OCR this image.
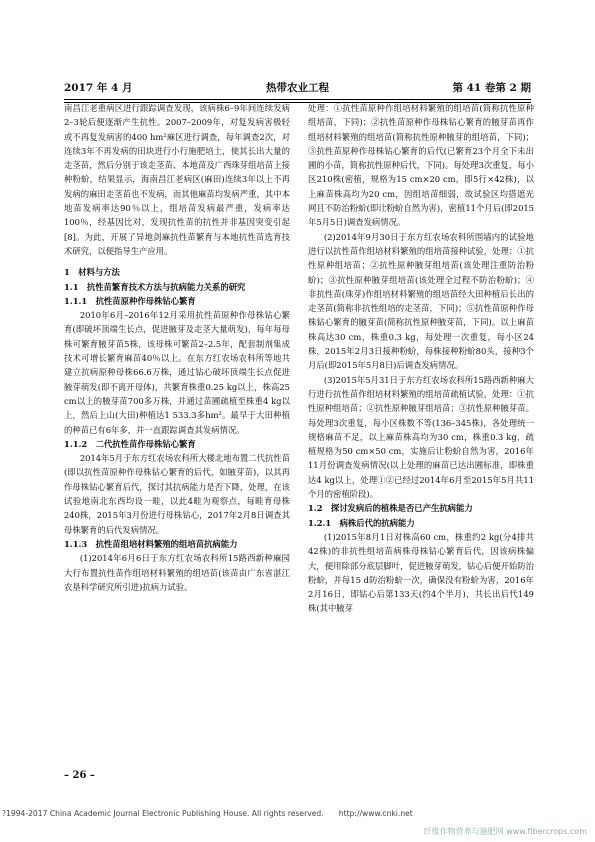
2017 年 4 月	热带农业工程	第 41 卷第 2 期

南昌江老重病区进行跟踪调查发现，该病株6–9年间连续发病2–3轮后便逐渐产生抗性。2007–2009年，对复发病害极轻或不再复发病害的400 hm²麻区进行调查，每年调查2次，对连续3年不再发病的田块进行小行施肥培土，使其长出大量的走茎苗，然后分别于该走茎苗、本地苗及广西珠芽组培苗上接种粉蚧，结果显示，海南昌江老病区(麻田)连续3年以上不再发病的麻田走茎苗也不发病，而其他麻苗均发病严重，其中本地苗发病率达90％以上，组培苗发病最严重，发病率达100％，经基因比对，发现抗性苗的抗性并非基因突变引起[8]。为此，开展了异地剑麻抗性苗繁育与本地抗性苗选育技术研究，以便指导生产应用。

1　材料与方法

1.1　抗性苗繁育技术方法与抗病能力关系的研究

1.1.1　抗性苗原种作母株钻心繁育

2010年6月–2016年12月采用抗性苗原种作母株钻心繁育(即破坏顶端生长点，促进腋芽及走茎大量萌发)，每年每母株可繁育腋芽苗5株，该母株可繁苗2–2.5年，配套制剂集成技术可增长繁育麻苗40％以上。在东方红农场农科所等地共建立抗病原种母株66.6万株，通过钻心破坏顶端生长点促进腋芽萌发(即不离开母体)，共繁育株重0.25 kg以上，株高25 cm以上的腋芽苗700多万株，并通过苗圃疏植至株重4 kg以上，然后上山(大田)种植达1 533.3多hm²。最早于大田种植的种苗已有6年多，并一直跟踪调查其发病情况。

1.1.2　二代抗性苗作母株钻心繁育

2014年5月于东方红农场农科所大楼北地布置二代抗性苗(即以抗性苗原种作母株钻心繁育的后代，如腋芽苗)，以其再作母株钻心繁育后代，探讨其抗病能力是否下降，处理，在该试验地南北东西均设一畦，以此4畦为观察点，每畦育母株240株，2015年3月份进行母株钻心，2017年2月8日调查其母株繁育的后代发病情况。

1.1.3　抗性苗组培材料繁殖的组培苗抗病能力

(1)2014年6月6日于东方红农场农科所15路西新种麻园大行布置抗性苗作组培材料繁殖的组培苗(该苗由广东省湛江农垦科学研究所引进)抗病力试验。

处理：①抗性苗原种作组培材料繁殖的组培苗(简称抗性原种组培苗，下同)；②抗性苗原种作母株钻心繁育的腋芽苗再作组培材料繁殖的组培苗(简称抗性原种腋芽的组培苗，下同)；③抗性苗原种作母株钻心繁育的后代(已繁育23个月全下未出圃的小苗，简称抗性原种后代，下同)。每处理3次重复，每小区210株(密植，规格为15 cm×20 cm，即5行×42株)，以上麻苗株高均为20 cm，因组培苗细弱，故试验区均搭遮光网且不防治粉蚧(即让粉蚧自然为害)，密植11个月后(即2015年5月5日)调查发病情况。

(2)2014年9月30日于东方红农场农科所围墙内的试验地进行以抗性苗作组培材料繁殖的组培苗接种试验，处理：①抗性原种组培苗；②抗性原种腋芽组培苗(该处理注重防治粉蚧)；③抗性原种腋芽组培苗(该处理全过程不防治粉蚧)；④非抗性苗(珠芽)作组培材料繁殖的组培苗经大田种植后长出的走茎苗(简称非抗性组培的走茎苗，下同)；⑤抗性苗原种作母株钻心繁育的腋芽苗(简称抗性原种腋芽苗，下同)。以上麻苗株高达30 cm，株重0.3 kg，每处理一次重复，每小区24株，2015年2月3日接种粉蚧，每株接种粉蚧80头，接种3个月后(即2015年5月8日)后调查发病情况。

(3)2015年5月31日于东方红农场农科所15路西新种麻大行进行抗性苗作组培材料繁殖的组培苗疏植试验，处理：①抗性原种组培苗；②抗性原种腋芽组培苗；③抗性原种腋芽苗。每处理3次重复，每小区株数不等(136–345株)，各处理统一规格麻苗不足，以上麻苗株高均为30 cm，株重0.3 kg，疏植规格为50 cm×50 cm，实施后让粉蚧自然为害，2016年11月份调查发病情况(以上处理的麻苗已达出圃标准，即株重达4 kg以上，处理①②已经过2014年6月至2015年5月共11个月的密植阶段)。

1.2　探讨发病后的植株是否已产生抗病能力

1.2.1　病株后代的抗病能力

(1)2015年8月1日对株高60 cm，株重约2 kg(分4排共42株)的非抗性组培苗病株母株钻心繁育后代，因该病株偏大，便用除部分底层脚叶，促进腋芽萌发，钻心后便开始防治粉蚧，并每15 d防治粉蚧一次，确保没有粉蚧为害，2016年2月16日，即钻心后第133天(约4个半月)，共长出后代149株(其中腋芽

– 26 –
?1994-2017 China Academic Journal Electronic Publishing House. All rights reserved.　　http://www.cnki.net
纤维作物营养与施肥网 www.fibercrops.com
